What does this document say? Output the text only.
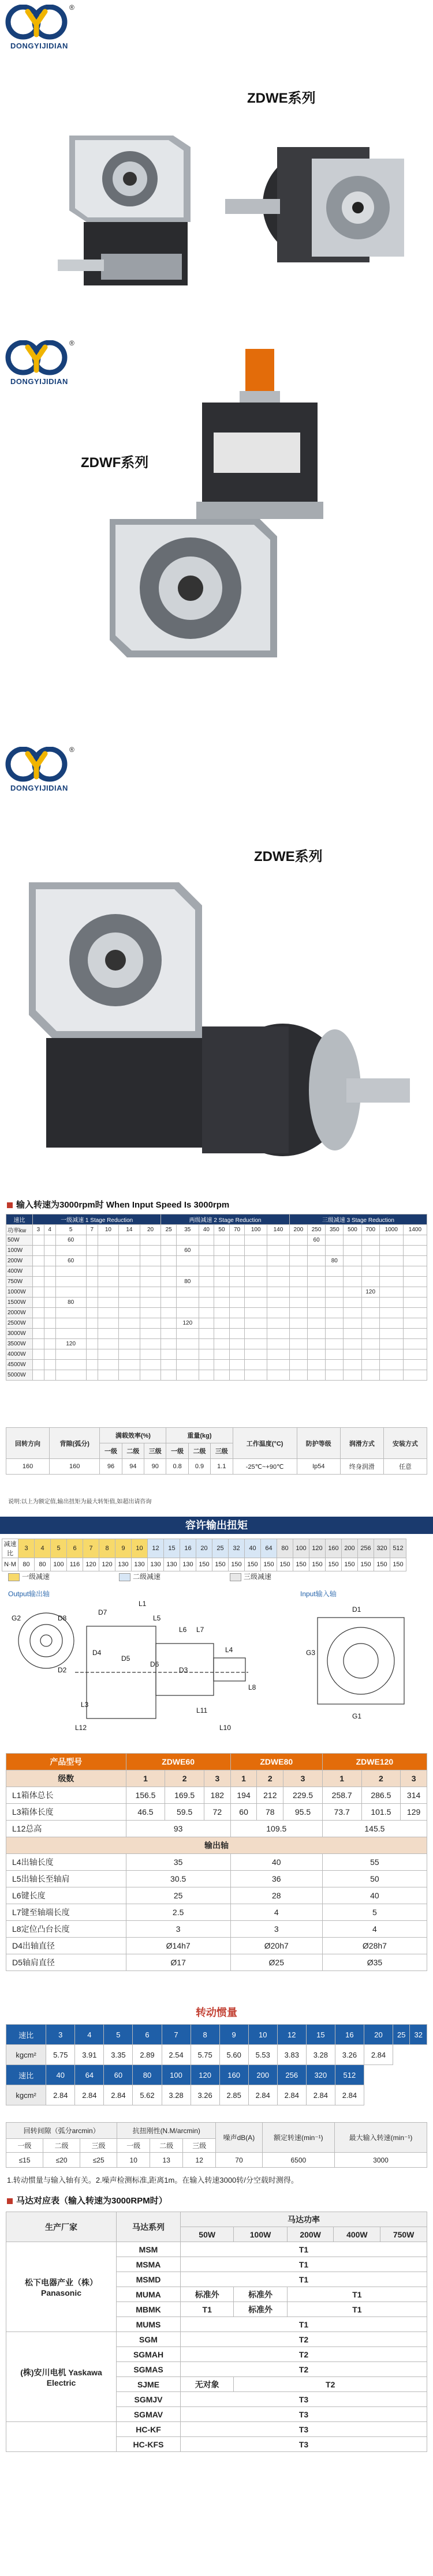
DONGYIJIDIAN
®
ZDWE系列
DONGYIJIDIAN
®
ZDWF系列
DONGYIJIDIAN
®
ZDWE系列
输入转速为3000rpm时 When Input Speed Is 3000rpm
速比	一级减速 1 Stage Reduction							两级减速 2 Stage Reduction							三级减速 3 Stage Reduction						
功率kw	3	4	5	7	10	14	20	25	35	40	50	70	100	140	200	250	350	500	700	1000	1400
50W			60													60					
100W									60												
200W			60														80				
400W																					
750W									80												
1000W																			120		
1500W			80																		
2000W																					
2500W									120												
3000W																					
3500W			120																		
4000W																					
4500W																					
5000W																					
回转方向	背隙(弧分)	满载效率(%)			重量(kg)			工作温度(°C)	防护等级	润滑方式	安装方式
		一级	二级	三级	一级	二级	三级				
160	160	96	94	90	0.8	0.9	1.1	-25℃~+90℃	Ip54	终身润滑	任意
说明:以上为额定值,输出扭矩为最大转矩值,如超出请咨询
容许输出扭矩
减速比	3	4	5	6	7	8	9	10	12	15	16	20	25	32	40	64	80	100	120	160	200	256	320	512
N·M	80	80	100	116	120	120	130	130	130	130	130	150	150	150	150	150	150	150	150	150	150	150	150	150
一级减速	二级减速	三级减速
Output输出轴	Input输入轴
G2	D8
D7
L1
L5
L6 L7
L4
D4
D5
D6
L3
D2
L12
D3
G3
D1
G1
L11
L8
L10
产品型号	ZDWE60			ZDWE80			ZDWE120		
级数	1	2	3	1	2	3	1	2	3
L1箱体总长	156.5	169.5	182	194	212	229.5	258.7	286.5	314
L3箱体长度	46.5	59.5	72	60	78	95.5	73.7	101.5	129
L12总高	93			109.5			145.5		
输出轴									
L4出轴长度	35			40			55		
L5出轴长至轴肩	30.5			36			50		
L6键长度	25			28			40		
L7键至轴端长度	2.5			4			5		
L8定位凸台长度	3			3			4		
D4出轴直径	Ø14h7			Ø20h7			Ø28h7		
D5轴肩直径	Ø17			Ø25			Ø35		
转动惯量
速比	3	4	5	6	7	8	9	10	12	15	16	20	25	32
kgcm²	5.75	3.91	3.35	2.89	2.54	5.75	5.60	5.53	3.83	3.28	3.26	2.84		
速比	40	64	60	80	100	120	160	200	256	320	512			
kgcm²	2.84	2.84	2.84	5.62	3.28	3.26	2.85	2.84	2.84	2.84	2.84			
回转间隙（弧分arcmin）			抗扭刚性(N.M/arcmin)			噪声dB(A)	额定转速(min⁻¹)	最大输入转速(min⁻¹)
一级	二级	三级	一级	二级	三级			
≤15	≤20	≤25	10	13	12	70	6500	3000
1.转动惯量与输入轴有关。2.噪声检测标准,距离1m。在输入转速3000转/分空载时测得。
马达对应表（输入转速为3000RPM时）
生产厂家	马达系列	马达功率				
		50W	100W	200W	400W	750W
松下电器产业（株）Panasonic	MSM	T1				
	MSMA	T1				
	MSMD	T1				
	MUMA	标准外	标准外	T1		
	MBMK	T1	标准外	T1		
	MUMS	T1				
(株)安川电机 Yaskawa Electric	SGM	T2				
	SGMAH	T2				
	SGMAS	T2				
	SJME	无对象	T2			
	SGMJV	T3				
	SGMAV	T3				
	HC-KF	T3				
	HC-KFS	T3				
